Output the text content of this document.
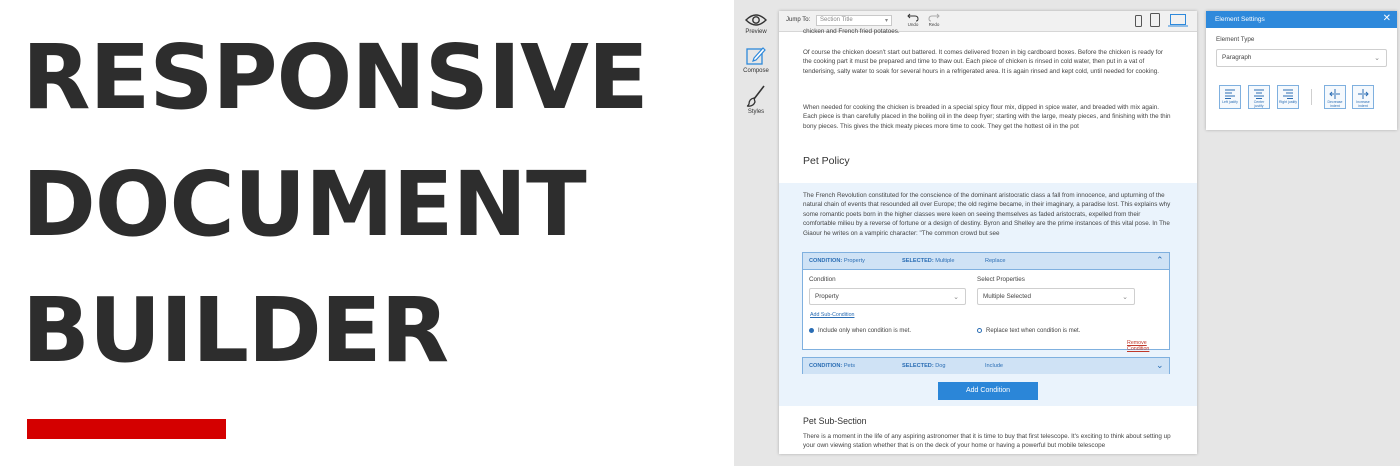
RESPONSIVE
DOCUMENT
BUILDER
Preview
Compose
Styles
Jump To:	Section Title	▾
Undo	Redo

chicken and French fried potatoes.

Of course the chicken doesn't start out battered. It comes delivered frozen in big cardboard boxes. Before the chicken is ready for the cooking part it must be prepared and time to thaw out. Each piece of chicken is rinsed in cold water, then put in a vat of tenderising, salty water to soak for several hours in a refrigerated area. It is again rinsed and kept cold, until needed for cooking.

When needed for cooking the chicken is breaded in a special spicy flour mix, dipped in spice water, and breaded with mix again. Each piece is than carefully placed in the boiling oil in the deep fryer; starting with the large, meaty pieces, and finishing with the thin bony pieces. This gives the thick meaty pieces more time to cook. They get the hottest oil in the pot

Pet Policy

The French Revolution constituted for the conscience of the dominant aristocratic class a fall from innocence, and upturning of the natural chain of events that resounded all over Europe; the old regime became, in their imaginary, a paradise lost. This explains why some romantic poets born in the higher classes were keen on seeing themselves as faded aristocrats, expelled from their comfortable milieu by a reverse of fortune or a design of destiny. Byron and Shelley are the prime instances of this vital pose. In The Giaour he writes on a vampiric character: "The common crowd but see

CONDITION: Property	SELECTED: Multiple	Replace	⌃
Condition
Property	⌄
Select Properties
Multiple Selected	⌄
Add Sub-Condition
Include only when condition is met.	Replace text when condition is met.
Remove Condition
CONDITION: Pets	SELECTED: Dog	Include	⌄
Add Condition
Pet Sub-Section

There is a moment in the life of any aspiring astronomer that it is time to buy that first telescope. It's exciting to think about setting up your own viewing station whether that is on the deck of your home or having a powerful but mobile telescope

Element Settings	✕
Element Type
Paragraph	⌄
Left justify	Center justify
Right justify	Decrease indent
Increase indent
